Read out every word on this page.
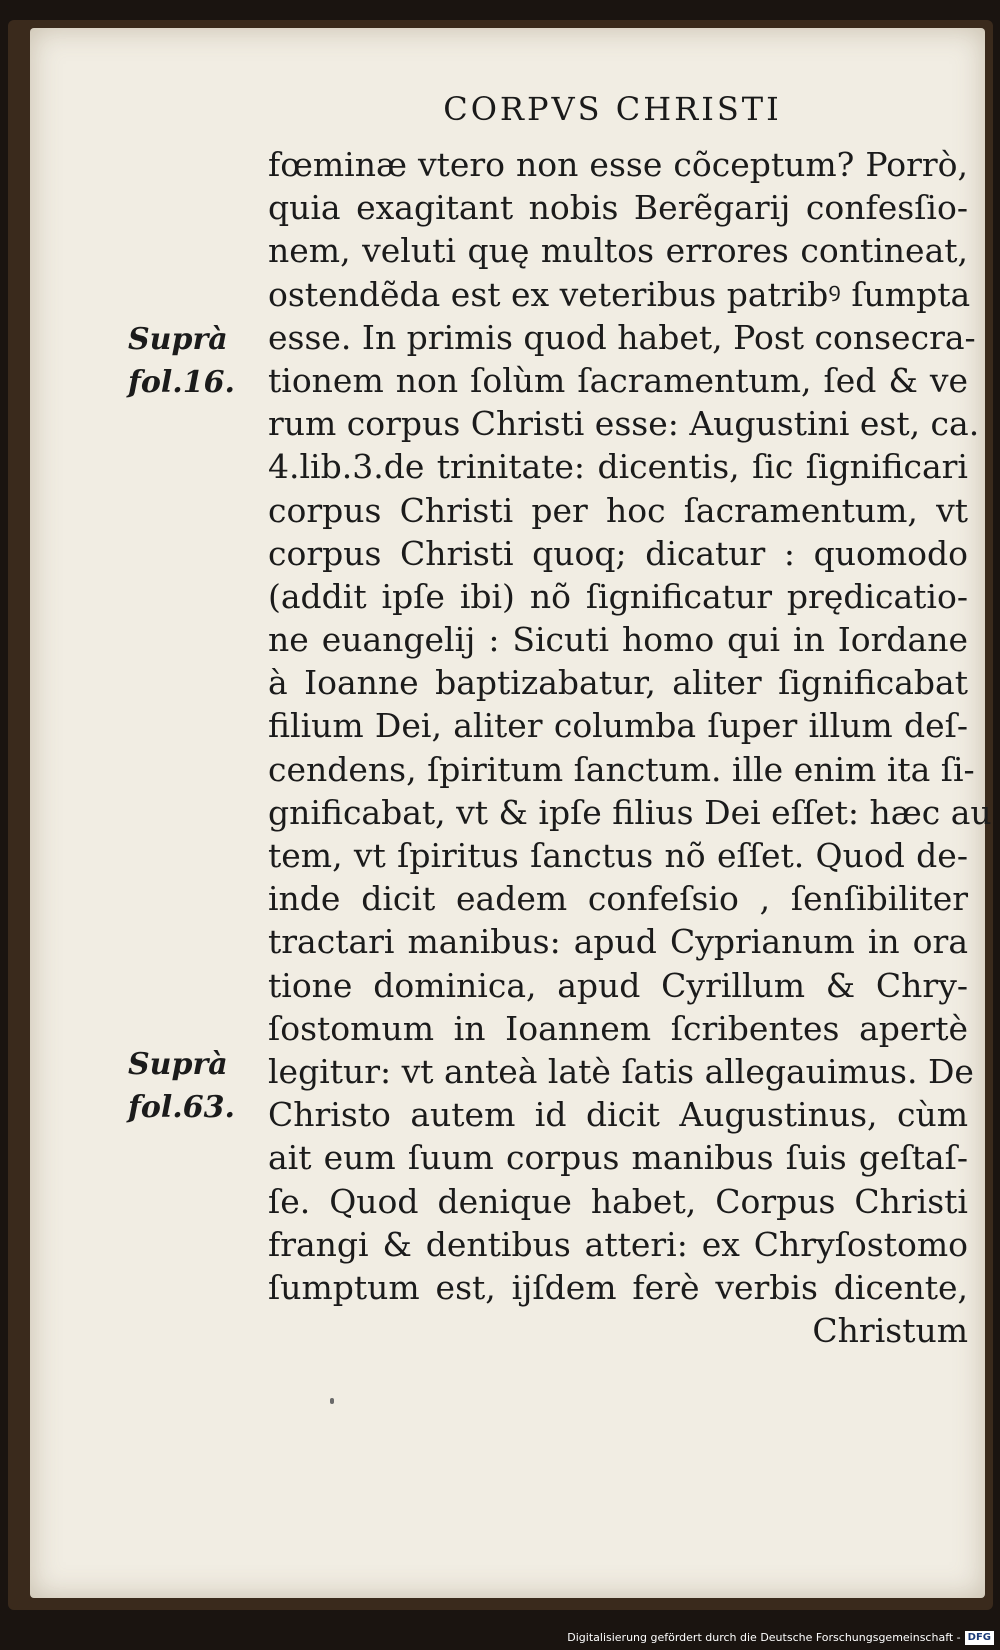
CORPVS CHRISTI
Suprà
fol.16.
Suprà
fol.63.
fœminæ vtero non esse cõceptum? Porrò,
quia exagitant nobis Berẽgarij confesſio-
nem, veluti quę multos errores contineat,
ostendẽda est ex veteribus patribꝰ ſumpta
esse. In primis quod habet, Post consecra-
tionem non ſolùm ſacramentum, ſed & ve
rum corpus Christi esse: Augustini est, ca.
4.lib.3.de trinitate: dicentis, ſic ſignificari
corpus Christi per hoc ſacramentum, vt
corpus Christi quoq; dicatur : quomodo
(addit ipſe ibi) nõ ſignificatur prędicatio-
ne euangelij : Sicuti homo qui in Iordane
à Ioanne baptizabatur, aliter ſignificabat
filium Dei, aliter columba ſuper illum deſ-
cendens, ſpiritum ſanctum. ille enim ita ſi-
gnificabat, vt & ipſe filius Dei eſſet: hæc au
tem, vt ſpiritus ſanctus nõ eſſet. Quod de-
inde dicit eadem confeſsio , ſenſibiliter
tractari manibus: apud Cyprianum in ora
tione dominica, apud Cyrillum & Chry-
ſostomum in Ioannem ſcribentes apertè
legitur: vt anteà latè ſatis allegauimus. De
Christo autem id dicit Augustinus, cùm
ait eum ſuum corpus manibus ſuis geſtaſ-
ſe. Quod denique habet, Corpus Christi
frangi & dentibus atteri: ex Chryſostomo
ſumptum est, ijſdem ferè verbis dicente,
Christum
Digitalisierung gefördert durch die Deutsche Forschungsgemeinschaft - DFG
